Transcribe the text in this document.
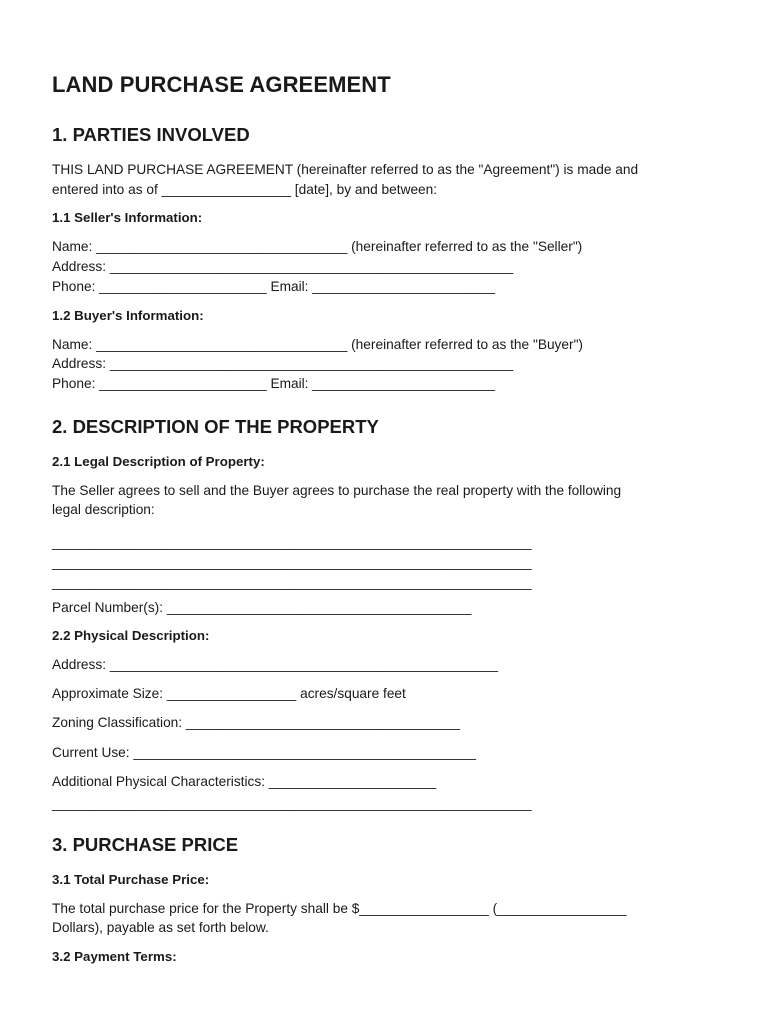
LAND PURCHASE AGREEMENT
1. PARTIES INVOLVED
THIS LAND PURCHASE AGREEMENT (hereinafter referred to as the "Agreement") is made and
entered into as of _________________ [date], by and between:
1.1 Seller's Information:
Name: _________________________________ (hereinafter referred to as the "Seller")
Address: _____________________________________________________
Phone: ______________________ Email: ________________________
1.2 Buyer's Information:
Name: _________________________________ (hereinafter referred to as the "Buyer")
Address: _____________________________________________________
Phone: ______________________ Email: ________________________
2. DESCRIPTION OF THE PROPERTY
2.1 Legal Description of Property:
The Seller agrees to sell and the Buyer agrees to purchase the real property with the following
legal description:
_______________________________________________________________
_______________________________________________________________
_______________________________________________________________
Parcel Number(s): ________________________________________
2.2 Physical Description:
Address: ___________________________________________________
Approximate Size: _________________ acres/square feet
Zoning Classification: ____________________________________
Current Use: _____________________________________________
Additional Physical Characteristics: ______________________
_______________________________________________________________
3. PURCHASE PRICE
3.1 Total Purchase Price:
The total purchase price for the Property shall be $_________________ (_________________
Dollars), payable as set forth below.
3.2 Payment Terms:
